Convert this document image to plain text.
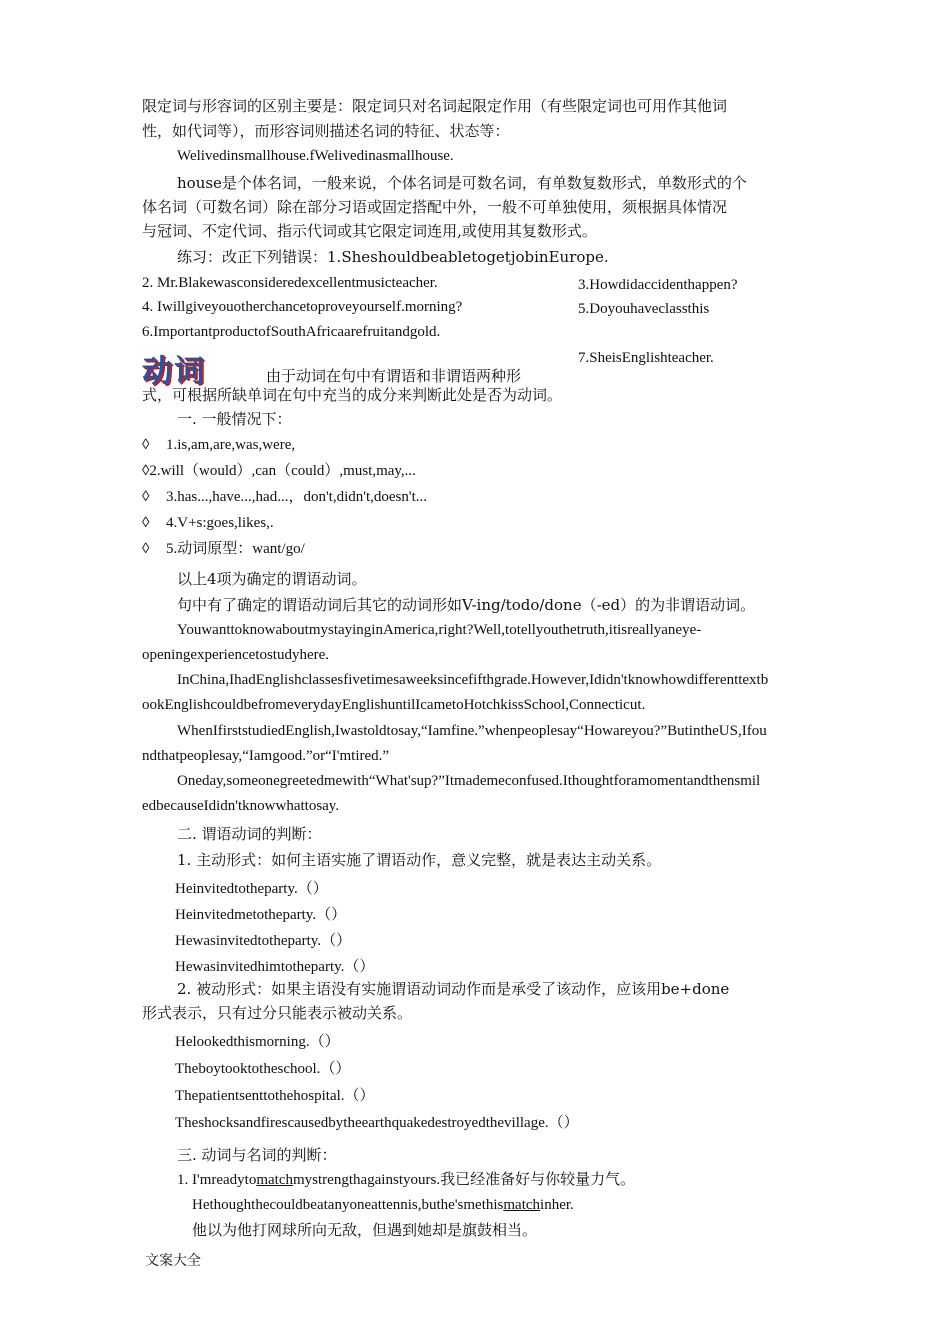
限定词与形容词的区别主要是：限定词只对名词起限定作用（有些限定词也可用作其他词
性，如代词等），而形容词则描述名词的特征、状态等：
Welivedinsmallhouse.fWelivedinasmallhouse.
house是个体名词，一般来说，个体名词是可数名词，有单数复数形式，单数形式的个
体名词（可数名词）除在部分习语或固定搭配中外，一般不可单独使用，须根据具体情况
与冠词、不定代词、指示代词或其它限定词连用,或使用其复数形式。
练习：改正下列错误：1.SheshouldbeabletogetjobinEurope.
2. Mr.Blakewasconsideredexcellentmusicteacher.	3.Howdidaccidenthappen?
4. Iwillgiveyouotherchancetoproveyourself.morning?	5.Doyouhaveclassthis
6.ImportantproductofSouthAfricaarefruitandgold.
7.SheisEnglishteacher.
动词	由于动词在句中有谓语和非谓语两种形
式，可根据所缺单词在句中充当的成分来判断此处是否为动词。
一. 一般情况下：
◊ 1.is,am,are,was,were,
◊2.will（would）,can（could）,must,may,...
◊ 3.has...,have...,had...，don't,didn't,doesn't...
◊ 4.V+s:goes,likes,.
◊ 5.动词原型：want/go/
以上4项为确定的谓语动词。
句中有了确定的谓语动词后其它的动词形如V-ing/todo/done（-ed）的为非谓语动词。
YouwanttoknowaboutmystayinginAmerica,right?Well,totellyouthetruth,itisreallyaneye-
openingexperiencetostudyhere.
InChina,IhadEnglishclassesfivetimesaweeksincefifthgrade.However,Ididn'tknowhowdifferenttextb
ookEnglishcouldbefromeverydayEnglishuntilIcametoHotchkissSchool,Connecticut.
WhenIfirststudiedEnglish,Iwastoldtosay,“Iamfine.”whenpeoplesay“Howareyou?”ButintheUS,Ifou
ndthatpeoplesay,“Iamgood.”or“I'mtired.”
Oneday,someonegreetedmewith“What'sup?”Itmademeconfused.Ithoughtforamomentandthensmil
edbecauseIdidn'tknowwhattosay.
二. 谓语动词的判断：
1. 主动形式：如何主语实施了谓语动作，意义完整，就是表达主动关系。
Heinvitedtotheparty.（）
Heinvitedmetotheparty.（）
Hewasinvitedtotheparty.（）
Hewasinvitedhimtotheparty.（）
2. 被动形式：如果主语没有实施谓语动词动作而是承受了该动作，应该用be+done
形式表示，只有过分只能表示被动关系。
Helookedthismorning.（）
Theboytooktotheschool.（）
Thepatientsenttothehospital.（）
Theshocksandfirescausedbytheearthquakedestroyedthevillage.（）
三. 动词与名词的判断：
1. I'mreadytomatchmystrengthagainstyours.我已经准备好与你较量力气。
Hethoughthecouldbeatanyoneattennis,buthe'smethismatchinher.
他以为他打网球所向无敌，但遇到她却是旗鼓相当。
文案大全
